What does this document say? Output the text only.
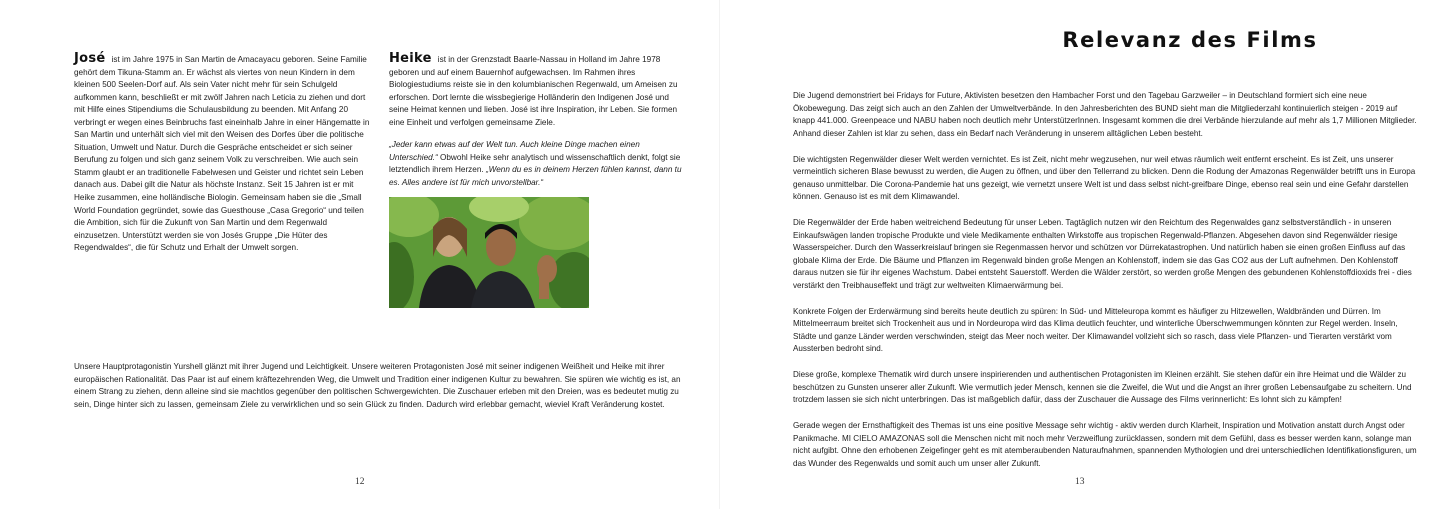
José ist im Jahre 1975 in San Martin de Amacayacu geboren. Seine Familie gehört dem Tikuna-Stamm an. Er wächst als viertes von neun Kindern in dem kleinen 500 Seelen-Dorf auf. Als sein Vater nicht mehr für sein Schulgeld aufkommen kann, beschließt er mit zwölf Jahren nach Leticia zu ziehen und dort mit Hilfe eines Stipendiums die Schulausbildung zu beenden. Mit Anfang 20 verbringt er wegen eines Beinbruchs fast eineinhalb Jahre in einer Hängematte in San Martin und unterhält sich viel mit den Weisen des Dorfes über die politische Situation, Umwelt und Natur. Durch die Gespräche entscheidet er sich seiner Berufung zu folgen und sich ganz seinem Volk zu verschreiben. Wie auch sein Stamm glaubt er an traditionelle Fabelwesen und Geister und richtet sein Leben danach aus. Dabei gilt die Natur als höchste Instanz. Seit 15 Jahren ist er mit Heike zusammen, eine holländische Biologin. Gemeinsam haben sie die „Small World Foundation gegründet, sowie das Guesthouse „Casa Gregorio“ und teilen die Ambition, sich für die Zukunft von San Martin und dem Regenwald einzusetzen. Unterstützt werden sie von Josés Gruppe „Die Hüter des Regendwaldes“, die für Schutz und Erhalt der Umwelt sorgen.

Heike ist in der Grenzstadt Baarle-Nassau in Holland im Jahre 1978 geboren und auf einem Bauernhof aufgewachsen. Im Rahmen ihres Biologiestudiums reiste sie in den kolumbianischen Regenwald, um Ameisen zu erforschen. Dort lernte die wissbegierige Holländerin den Indigenen José und seine Heimat kennen und lieben. José ist ihre Inspiration, ihr Leben. Sie formen eine Einheit und verfolgen gemeinsame Ziele.

„Jeder kann etwas auf der Welt tun. Auch kleine Dinge machen einen Unterschied.“ Obwohl Heike sehr analytisch und wissenschaftlich denkt, folgt sie letztendlich ihrem Herzen. „Wenn du es in deinem Herzen fühlen kannst, dann tu es. Alles andere ist für mich unvorstellbar.“

Unsere Hauptprotagonistin Yurshell glänzt mit ihrer Jugend und Leichtigkeit. Unsere weiteren Protagonisten José mit seiner indigenen Weißheit und Heike mit ihrer europäischen Rationalität. Das Paar ist auf einem kräftezehrenden Weg, die Umwelt und Tradition einer indigenen Kultur zu bewahren. Sie spüren wie wichtig es ist, an einem Strang zu ziehen, denn alleine sind sie machtlos gegenüber den politischen Schwergewichten. Die Zuschauer erleben mit den Dreien, was es bedeutet mutig zu sein, Dinge hinter sich zu lassen, gemeinsam Ziele zu verwirklichen und so sein Glück zu finden. Dadurch wird erlebbar gemacht, wieviel Kraft Veränderung kostet.

12
Relevanz des Films

Die Jugend demonstriert bei Fridays for Future, Aktivisten besetzen den Hambacher Forst und den Tagebau Garzweiler – in Deutschland formiert sich eine neue Ökobewegung. Das zeigt sich auch an den Zahlen der Umweltverbände. In den Jahresberichten des BUND sieht man die Mitgliederzahl kontinuierlich steigen - 2019 auf knapp 441.000. Greenpeace und NABU haben noch deutlich mehr UnterstützerInnen. Insgesamt kommen die drei Verbände hierzulande auf mehr als 1,7 Millionen Mitglieder. Anhand dieser Zahlen ist klar zu sehen, dass ein Bedarf nach Veränderung in unserem alltäglichen Leben besteht.

Die wichtigsten Regenwälder dieser Welt werden vernichtet. Es ist Zeit, nicht mehr wegzusehen, nur weil etwas räumlich weit entfernt erscheint. Es ist Zeit, uns unserer vermeintlich sicheren Blase bewusst zu werden, die Augen zu öffnen, und über den Tellerrand zu blicken. Denn die Rodung der Amazonas Regenwälder betrifft uns in Europa genauso unmittelbar. Die Corona-Pandemie hat uns gezeigt, wie vernetzt unsere Welt ist und dass selbst nicht-greifbare Dinge, ebenso real sein und eine Gefahr darstellen können. Genauso ist es mit dem Klimawandel.

Die Regenwälder der Erde haben weitreichend Bedeutung für unser Leben. Tagtäglich nutzen wir den Reichtum des Regenwaldes ganz selbstverständlich - in unseren Einkaufswägen landen tropische Produkte und viele Medikamente enthalten Wirkstoffe aus tropischen Regenwald-Pflanzen. Abgesehen davon sind Regenwälder riesige Wasserspeicher. Durch den Wasserkreislauf bringen sie Regenmassen hervor und schützen vor Dürrekatastrophen. Und natürlich haben sie einen großen Einfluss auf das globale Klima der Erde. Die Bäume und Pflanzen im Regenwald binden große Mengen an Kohlenstoff, indem sie das Gas CO2 aus der Luft aufnehmen. Den Kohlenstoff daraus nutzen sie für ihr eigenes Wachstum. Dabei entsteht Sauerstoff. Werden die Wälder zerstört, so werden große Mengen des gebundenen Kohlenstoffdioxids frei - dies verstärkt den Treibhauseffekt und trägt zur weltweiten Klimaerwärmung bei.

Konkrete Folgen der Erderwärmung sind bereits heute deutlich zu spüren: In Süd- und Mitteleuropa kommt es häufiger zu Hitzewellen, Waldbränden und Dürren. Im Mittelmeerraum breitet sich Trockenheit aus und in Nordeuropa wird das Klima deutlich feuchter, und winterliche Überschwemmungen könnten zur Regel werden. Inseln, Städte und ganze Länder werden verschwinden, steigt das Meer noch weiter. Der Klimawandel vollzieht sich so rasch, dass viele Pflanzen- und Tierarten verstärkt vom Aussterben bedroht sind.

Diese große, komplexe Thematik wird durch unsere inspirierenden und authentischen Protagonisten im Kleinen erzählt. Sie stehen dafür ein ihre Heimat und die Wälder zu beschützen zu Gunsten unserer aller Zukunft. Wie vermutlich jeder Mensch, kennen sie die Zweifel, die Wut und die Angst an ihrer großen Lebensaufgabe zu scheitern. Und trotzdem lassen sie sich nicht unterbringen. Das ist maßgeblich dafür, dass der Zuschauer die Aussage des Films verinnerlicht: Es lohnt sich zu kämpfen!

Gerade wegen der Ernsthaftigkeit des Themas ist uns eine positive Message sehr wichtig - aktiv werden durch Klarheit, Inspiration und Motivation anstatt durch Angst oder Panikmache. MI CIELO AMAZONAS soll die Menschen nicht mit noch mehr Verzweiflung zurücklassen, sondern mit dem Gefühl, dass es besser werden kann, solange man nicht aufgibt. Ohne den erhobenen Zeigefinger geht es mit atemberaubenden Naturaufnahmen, spannenden Mythologien und drei unterschiedlichen Identifikationsfiguren, um das Wunder des Regenwalds und somit auch um unser aller Zukunft.

13
